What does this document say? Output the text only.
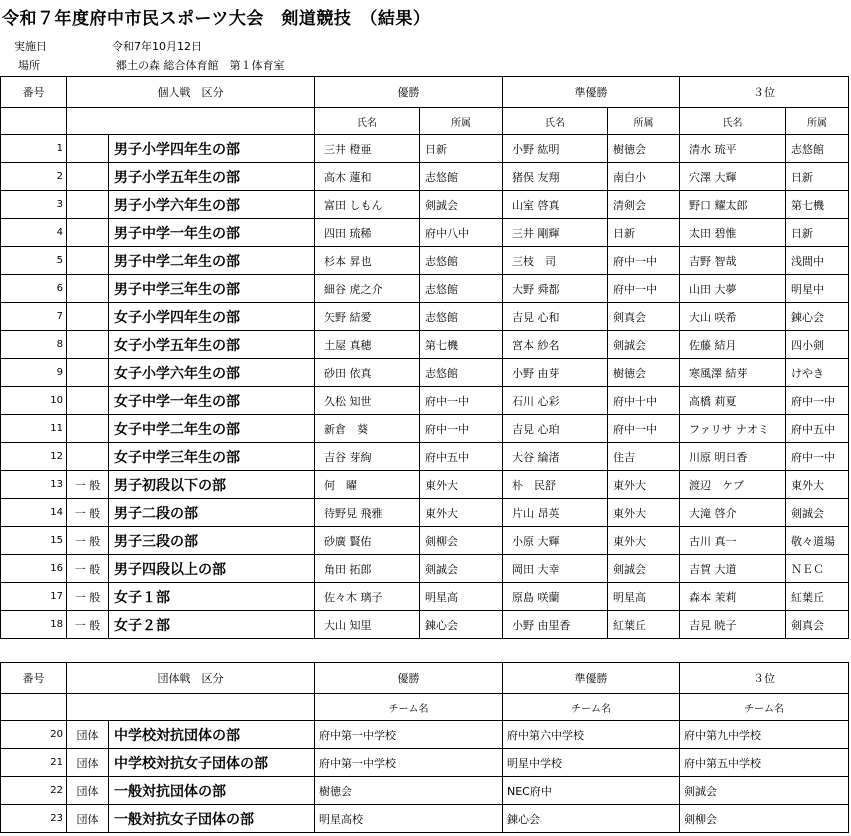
令和７年度府中市民スポーツ大会　剣道競技　（結果）
実施日	令和7年10月12日
場所	郷土の森 総合体育館　第１体育室
番号	個人戦　区分		優勝		準優勝		３位	
			氏名	所属	氏名	所属	氏名	所属
1		男子小学四年生の部	三井 橙亜	日新	小野 紘明	樹徳会	清水 琉平	志悠館
2		男子小学五年生の部	高木 蓮和	志悠館	猪俣 友翔	南白小	穴澤 大輝	日新
3		男子小学六年生の部	富田 しもん	剣誠会	山室 啓真	清剣会	野口 耀太郎	第七機
4		男子中学一年生の部	四田 琉稀	府中八中	三井 剛輝	日新	太田 碧惟	日新
5		男子中学二年生の部	杉本 昇也	志悠館	三枝　司	府中一中	吉野 智哉	浅間中
6		男子中学三年生の部	細谷 虎之介	志悠館	大野 舜都	府中一中	山田 大夢	明星中
7		女子小学四年生の部	矢野 結愛	志悠館	吉見 心和	剣真会	大山 咲希	錬心会
8		女子小学五年生の部	土屋 真穂	第七機	宮本 紗名	剣誠会	佐藤 結月	四小剣
9		女子小学六年生の部	砂田 依真	志悠館	小野 由芽	樹徳会	寒風澤 結芽	けやき
10		女子中学一年生の部	久松 知世	府中一中	石川 心彩	府中十中	高橋 莉夏	府中一中
11		女子中学二年生の部	新倉　葵	府中一中	吉見 心珀	府中一中	ファリサ ナオミ	府中五中
12		女子中学三年生の部	吉谷 芽絢	府中五中	大谷 綸渚	住吉	川原 明日香	府中一中
13	一 般	男子初段以下の部	何　曜	東外大	朴　民舒	東外大	渡辺　ケブ	東外大
14	一 般	男子二段の部	待野見 飛雅	東外大	片山 昂英	東外大	大滝 啓介	剣誠会
15	一 般	男子三段の部	砂廣 賢佑	剣柳会	小原 大輝	東外大	古川 真一	敬々道場
16	一 般	男子四段以上の部	角田 拓郎	剣誠会	岡田 大幸	剣誠会	吉賀 大道	ＮＥＣ
17	一 般	女子１部	佐々木 璃子	明星高	原島 咲蘭	明星高	森本 茉莉	紅葉丘
18	一 般	女子２部	大山 知里	錬心会	小野 由里香	紅葉丘	吉見 暁子	剣真会
番号	団体戦　区分		優勝	準優勝	３位
			チーム名	チーム名	チーム名
20	団体	中学校対抗団体の部	府中第一中学校	府中第六中学校	府中第九中学校
21	団体	中学校対抗女子団体の部	府中第一中学校	明星中学校	府中第五中学校
22	団体	一般対抗団体の部	樹徳会	NEC府中	剣誠会
23	団体	一般対抗女子団体の部	明星高校	錬心会	剣柳会
